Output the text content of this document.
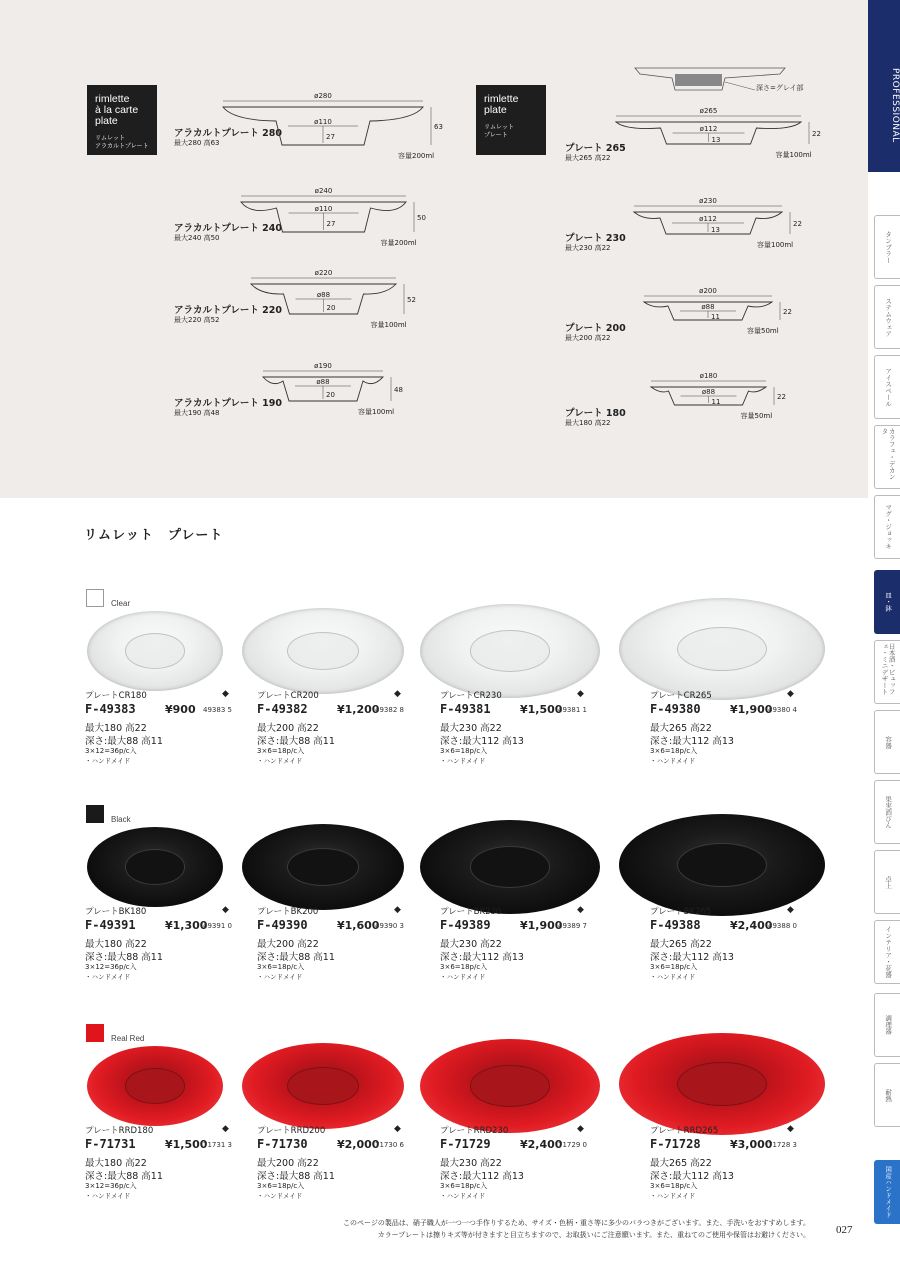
PROFESSIONAL
タンブラー
ステムウェア
アイスペール
カラフェ・デカンタ
マグ・ジョッキ
皿・鉢
日本酒・ビュッフェ・ミニデザート
容器
果実酒びん
卓上
インテリア・花器
調理器
耐熱
国産ハンドメイド
rimlette
à la carte
plate
リムレット
アラカルトプレート
rimlette
plate
リムレット
プレート
深さ=グレイ部
アラカルトプレート 280
最大280 高63
ø280
ø110
27
63
容量200ml
アラカルトプレート 240
最大240 高50
ø240
ø110
27
50
容量200ml
アラカルトプレート 220
最大220 高52
ø220
ø88
20
52
容量100ml
アラカルトプレート 190
最大190 高48
ø190
ø88
20
48
容量100ml
プレート 265
最大265 高22
ø265
ø112
13
22
容量100ml
プレート 230
最大230 高22
ø230
ø112
13
22
容量100ml
プレート 200
最大200 高22
ø200
ø88
11
22
容量50ml
プレート 180
最大180 高22
ø180
ø88
11
22
容量50ml
リムレット　プレート
Clear
プレートCR180
F-49383	¥900 49383 5
最大180 高22
深さ:最大88 高11
3×12=36p/c入
・ハンドメイド
◆	プレートCR200
F-49382	¥1,200
49382 8
最大200 高22
深さ:最大88 高11
3×6=18p/c入
・ハンドメイド
◆	プレートCR230
F-49381	¥1,500
49381 1
最大230 高22
深さ:最大112 高13
3×6=18p/c入
・ハンドメイド
◆	プレートCR265
F-49380	¥1,900
49380 4
最大265 高22
深さ:最大112 高13
3×6=18p/c入
・ハンドメイド
◆
Black
プレートBK180
F-49391	¥1,300
49391 0
最大180 高22
深さ:最大88 高11
3×12=36p/c入
・ハンドメイド
◆	プレートBK200
F-49390	¥1,600
49390 3
最大200 高22
深さ:最大88 高11
3×6=18p/c入
・ハンドメイド
◆	プレートBK230
F-49389	¥1,900
49389 7
最大230 高22
深さ:最大112 高13
3×6=18p/c入
・ハンドメイド
◆	プレートBK265
F-49388	¥2,400
49388 0
最大265 高22
深さ:最大112 高13
3×6=18p/c入
・ハンドメイド
◆
Real Red
プレートRRD180
F-71731	¥1,500
71731 3
最大180 高22
深さ:最大88 高11
3×12=36p/c入
・ハンドメイド
◆	プレートRRD200
F-71730	¥2,000
71730 6
最大200 高22
深さ:最大88 高11
3×6=18p/c入
・ハンドメイド
◆	プレートRRD230
F-71729	¥2,400
71729 0
最大230 高22
深さ:最大112 高13
3×6=18p/c入
・ハンドメイド
◆	プレートRRD265
F-71728	¥3,000
71728 3
最大265 高22
深さ:最大112 高13
3×6=18p/c入
・ハンドメイド
◆
このページの製品は、硝子職人が一つ一つ手作りするため、サイズ・色柄・重さ等に多少のバラつきがございます。また、手洗いをおすすめします。
カラープレートは擦りキズ等が付きますと目立ちますので、お取扱いにご注意願います。また、重ねてのご使用や保管はお避けください。 027
